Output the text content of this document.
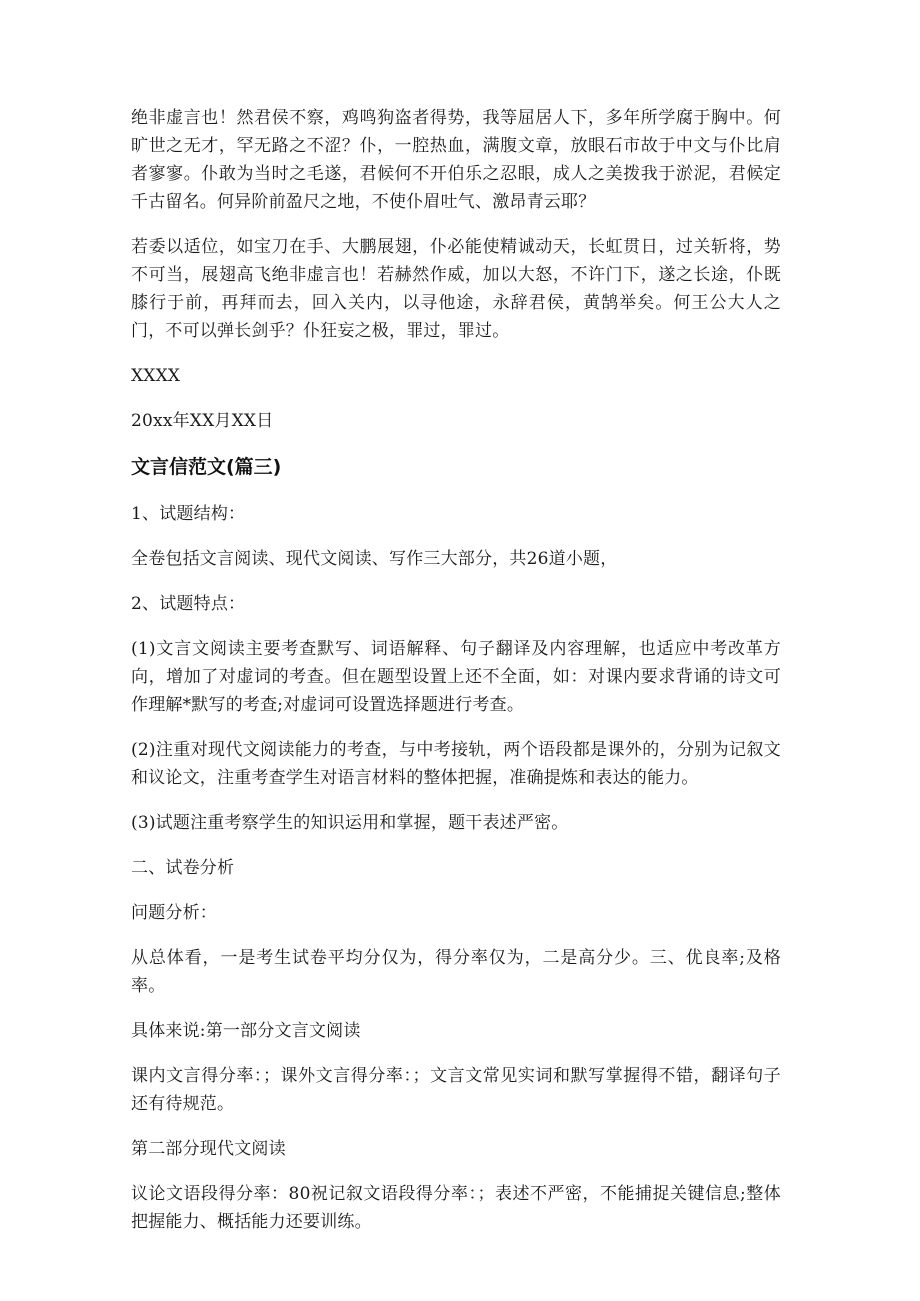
绝非虚言也！然君侯不察，鸡鸣狗盗者得势，我等屈居人下，多年所学腐于胸中。何旷世之无才，罕无路之不涩？仆，一腔热血，满腹文章，放眼石市故于中文与仆比肩者寥寥。仆敢为当时之毛遂，君候何不开伯乐之忍眼，成人之美拨我于淤泥，君候定千古留名。何异阶前盈尺之地，不使仆眉吐气、激昂青云耶？

若委以适位，如宝刀在手、大鹏展翅，仆必能使精诚动天，长虹贯日，过关斩将，势不可当，展翅高飞绝非虚言也！若赫然作威，加以大怒，不许门下，遂之长途，仆既膝行于前，再拜而去，回入关内，以寻他途，永辞君侯，黄鹄举矣。何王公大人之门，不可以弹长剑乎？仆狂妄之极，罪过，罪过。

XXXX

20xx年XX月XX日

文言信范文(篇三)

1、试题结构：

全卷包括文言阅读、现代文阅读、写作三大部分，共26道小题，

2、试题特点：

(1)文言文阅读主要考查默写、词语解释、句子翻译及内容理解，也适应中考改革方向，增加了对虚词的考查。但在题型设置上还不全面，如：对课内要求背诵的诗文可作理解*默写的考查;对虚词可设置选择题进行考查。

(2)注重对现代文阅读能力的考查，与中考接轨，两个语段都是课外的，分别为记叙文和议论文，注重考查学生对语言材料的整体把握，准确提炼和表达的能力。

(3)试题注重考察学生的知识运用和掌握，题干表述严密。

二、试卷分析

问题分析：

从总体看，一是考生试卷平均分仅为，得分率仅为，二是高分少。三、优良率;及格率。

具体来说:第一部分文言文阅读

课内文言得分率：；课外文言得分率：；文言文常见实词和默写掌握得不错，翻译句子还有待规范。

第二部分现代文阅读

议论文语段得分率：80祝记叙文语段得分率：；表述不严密，不能捕捉关键信息;整体把握能力、概括能力还要训练。
